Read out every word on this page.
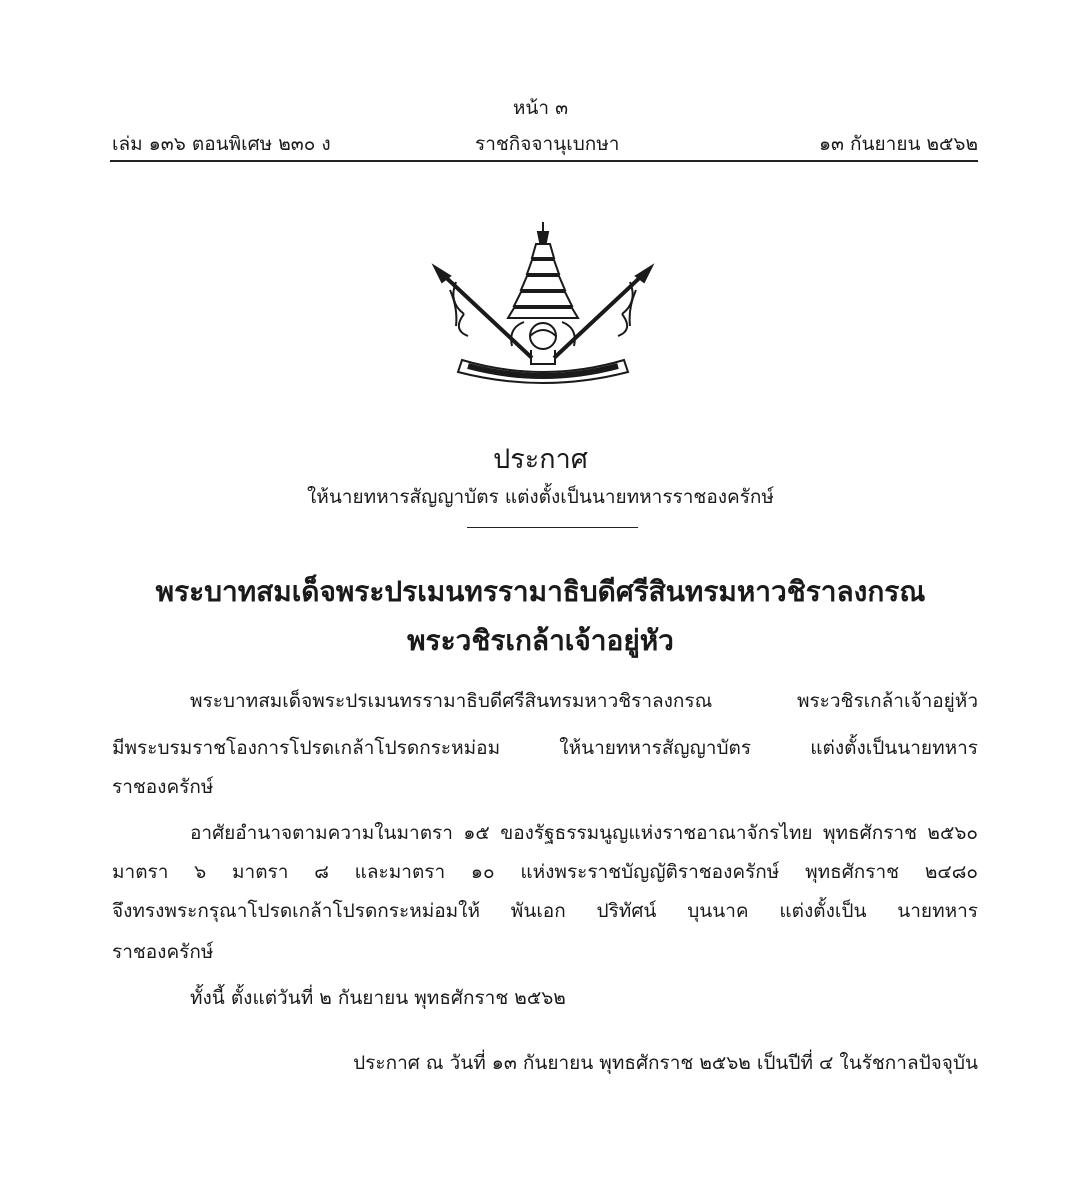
หน้า ๓
เล่ม ๑๓๖ ตอนพิเศษ ๒๓๐ ง	ราชกิจจานุเบกษา	๑๓ กันยายน ๒๕๖๒
ประกาศ
ให้นายทหารสัญญาบัตร แต่งตั้งเป็นนายทหารราชองครักษ์
พระบาทสมเด็จพระปรเมนทรรามาธิบดีศรีสินทรมหาวชิราลงกรณ
พระวชิรเกล้าเจ้าอยู่หัว
พระบาทสมเด็จพระปรเมนทรรามาธิบดีศรีสินทรมหาวชิราลงกรณ พระวชิรเกล้าเจ้าอยู่หัว
มีพระบรมราชโองการโปรดเกล้าโปรดกระหม่อม ให้นายทหารสัญญาบัตร แต่งตั้งเป็นนายทหาร
ราชองครักษ์
อาศัยอำนาจตามความในมาตรา ๑๕ ของรัฐธรรมนูญแห่งราชอาณาจักรไทย พุทธศักราช ๒๕๖๐
มาตรา ๖ มาตรา ๘ และมาตรา ๑๐ แห่งพระราชบัญญัติราชองครักษ์ พุทธศักราช ๒๔๘๐
จึงทรงพระกรุณาโปรดเกล้าโปรดกระหม่อมให้ พันเอก ปริทัศน์ บุนนาค แต่งตั้งเป็น นายทหาร
ราชองครักษ์
ทั้งนี้ ตั้งแต่วันที่ ๒ กันยายน พุทธศักราช ๒๕๖๒
ประกาศ ณ วันที่ ๑๓ กันยายน พุทธศักราช ๒๕๖๒ เป็นปีที่ ๔ ในรัชกาลปัจจุบัน
